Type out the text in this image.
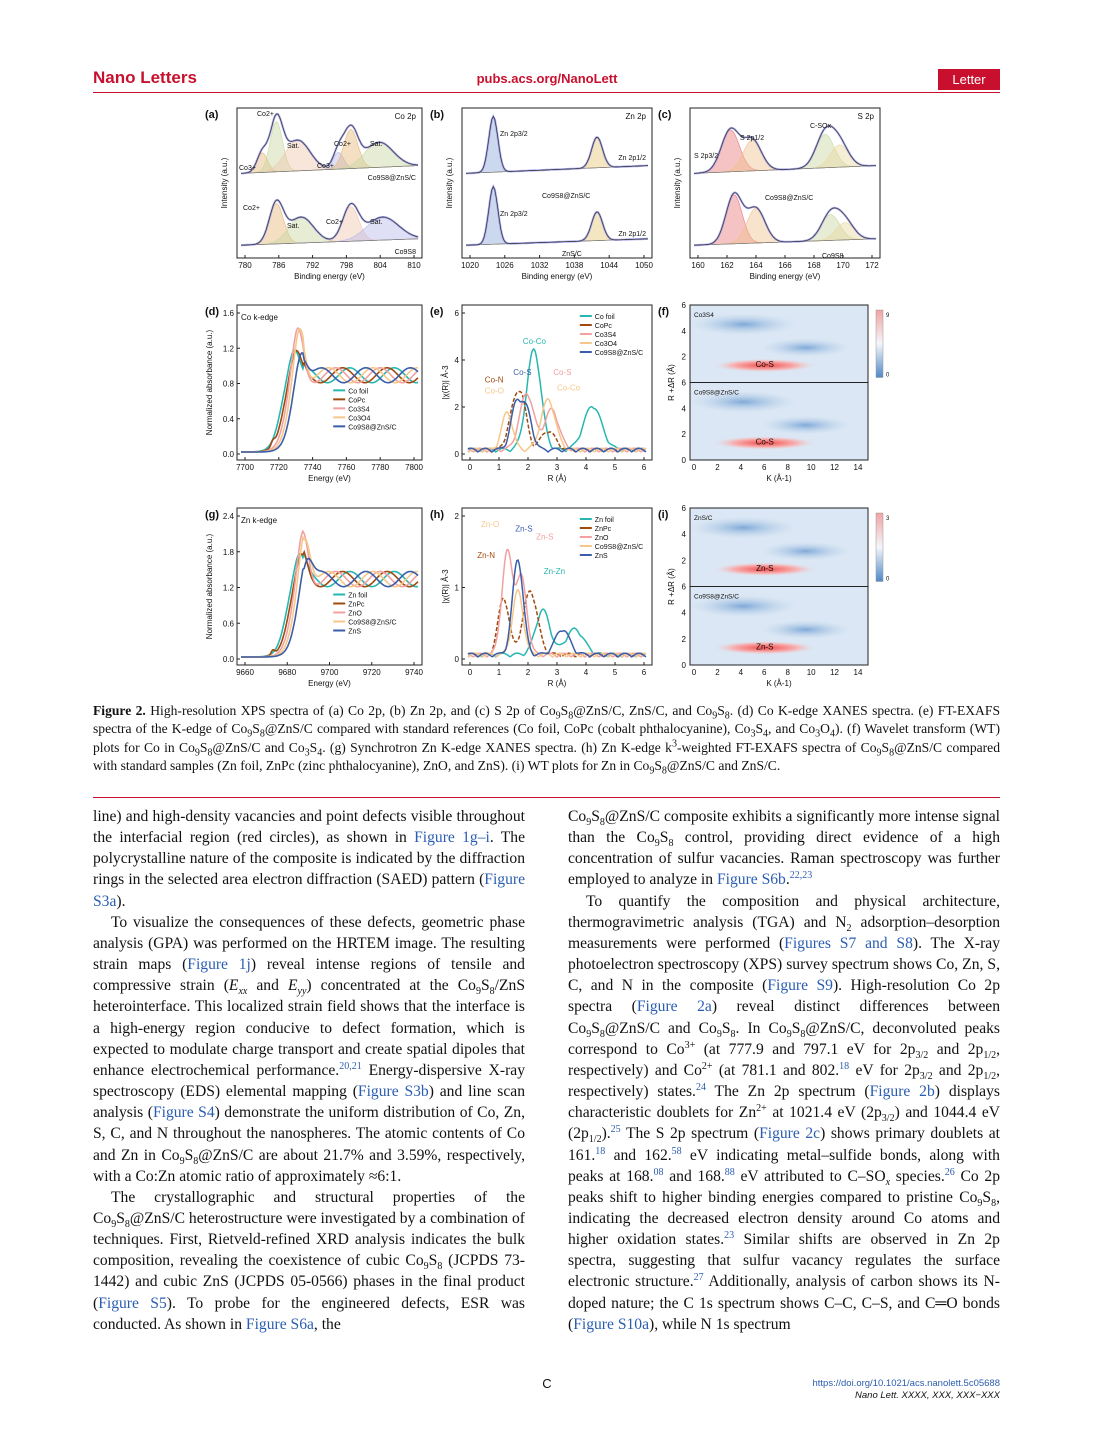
Nano Letters	pubs.acs.org/NanoLett	Letter
(a)	Co 2p
780	786	792	798	804	810
Binding energy (eV)
Intensity (a.u.)
(b)	Zn 2p
1020 1026 1032 1038 1044 1050
Binding energy (eV)
Intensity (a.u.)
(c)	S 2p
160 162 164 166 168 170 172
Binding energy (eV)
Intensity (a.u.)
Co2+
Co3+
Sat.
Co3+
Co2+	Sat.
Co9S8@ZnS/C
Co2+
Sat.
Co2+	Sat.
Co9S8
Zn 2p3/2
Zn 2p1/2
Co9S8@ZnS/C
Zn 2p3/2
Zn 2p1/2
ZnS/C
S 2p3/2
S 2p1/2
C-SOx
Co9S8@ZnS/C
Co9S8
(d)	Co k-edge
7700 7720 7740 7760 7780 7800
0.0
0.4
0.8
1.2
1.6
Energy (eV)
Normalized absorbance (a.u.)	Co foil
CoPc
Co3S4
Co3O4
Co9S8@ZnS/C
(g)	Zn k-edge
9660	9680	9700	9720	9740
0.0
0.6
1.2
1.8
2.4
Energy (eV)
Normalized absorbance (a.u.)	Zn foil
ZnPc
ZnO
Co9S8@ZnS/C
ZnS
(e)
0	1	2	3	4	5	6
0
2
4
6
R (Å)
|χ(R)| Å-3
Co foil
CoPc
Co3S4
Co3O4
Co9S8@ZnS/C
Co-Co
Co-N
Co-O
Co-S	Co-S
Co-Co
(h)
0	1	2	3	4	5	6
0
1
2
R (Å)
|χ(R)| Å-3
Zn foil
ZnPc
ZnO
Co9S8@ZnS/C
ZnS
Zn-O
Zn-S
Zn-S
Zn-N
Zn-Zn
(f)
Co-S
Co3S4
Co-S
Co9S8@ZnS/C
9
0
0 2 4 6 8 10 12 14
0
2
4
6
2
4
6
K (Å-1)
R +ΔR (Å)
(i)
Zn-S
ZnS/C
Zn-S
Co9S8@ZnS/C
3
0
0 2 4 6 8 10 12 14
0
2
4
6
2
4
6
K (Å-1)
R +ΔR (Å)
Figure 2. High-resolution XPS spectra of (a) Co 2p, (b) Zn 2p, and (c) S 2p of $Co_9S_8@ZnS/C$, ZnS/C, and $Co_9S_8$. (d) Co K-edge XANES spectra. (e) FT-EXAFS spectra of the K-edge of $Co_9S_8@ZnS/C$ compared with standard references (Co foil, CoPc (cobalt phthalocyanine), $Co_3S_4$, and $Co_3O_4$). (f) Wavelet transform (WT) plots for Co in $Co_9S_8@ZnS/C$ and $Co_3S_4$. (g) Synchrotron Zn K-edge XANES spectra. (h) Zn K-edge $k^3$-weighted FT-EXAFS spectra of $Co_9S_8@ZnS/C$ compared with standard samples (Zn foil, ZnPc (zinc phthalocyanine), ZnO, and ZnS). (i) WT plots for Zn in $Co_9S_8@ZnS/C$ and ZnS/C.

line) and high-density vacancies and point defects visible throughout the interfacial region (red circles), as shown in Figure 1g–i. The polycrystalline nature of the composite is indicated by the diffraction rings in the selected area electron diffraction (SAED) pattern (Figure S3a).

To visualize the consequences of these defects, geometric phase analysis (GPA) was performed on the HRTEM image. The resulting strain maps (Figure 1j) reveal intense regions of tensile and compressive strain ($E_{xx}$ and $E_{yy}$) concentrated at the $Co_9S_8$/ZnS heterointerface. This localized strain field shows that the interface is a high-energy region conducive to defect formation, which is expected to modulate charge transport and create spatial dipoles that enhance electrochemical performance.$^{20,21}$ Energy-dispersive X-ray spectroscopy (EDS) elemental mapping (Figure S3b) and line scan analysis (Figure S4) demonstrate the uniform distribution of Co, Zn, S, C, and N throughout the nanospheres. The atomic contents of Co and Zn in $Co_9S_8@ZnS/C$ are about 21.7% and 3.59%, respectively, with a Co:Zn atomic ratio of approximately ≈6:1.

The crystallographic and structural properties of the $Co_9S_8@ZnS/C$ heterostructure were investigated by a combination of techniques. First, Rietveld-refined XRD analysis indicates the bulk composition, revealing the coexistence of cubic $Co_9S_8$ (JCPDS 73-1442) and cubic ZnS (JCPDS 05-0566) phases in the final product (Figure S5). To probe for the engineered defects, ESR was conducted. As shown in Figure S6a, the

$Co_9S_8@ZnS/C$ composite exhibits a significantly more intense signal than the $Co_9S_8$ control, providing direct evidence of a high concentration of sulfur vacancies. Raman spectroscopy was further employed to analyze in Figure S6b.$^{22,23}$

To quantify the composition and physical architecture, thermogravimetric analysis (TGA) and $N_2$ adsorption–desorption measurements were performed (Figures S7 and S8). The X-ray photoelectron spectroscopy (XPS) survey spectrum shows Co, Zn, S, C, and N in the composite (Figure S9). High-resolution Co 2p spectra (Figure 2a) reveal distinct differences between $Co_9S_8@ZnS/C$ and $Co_9S_8$. In $Co_9S_8@ZnS/C$, deconvoluted peaks correspond to $Co^{3+}$ (at 777.9 and 797.1 eV for $2p_{3/2}$ and $2p_{1/2}$, respectively) and $Co^{2+}$ (at 781.1 and 802.18 eV for $2p_{3/2}$ and $2p_{1/2}$, respectively) states.$^{24}$ The Zn 2p spectrum (Figure 2b) displays characteristic doublets for $Zn^{2+}$ at 1021.4 eV $(2p_{3/2})$ and 1044.4 eV $(2p_{1/2}).^{25}$ The S 2p spectrum (Figure 2c) shows primary doublets at 161.18 and 162.58 eV indicating metal–sulfide bonds, along with peaks at 168.08 and 168.88 eV attributed to $C-SO_x$ species.$^{26}$ Co 2p peaks shift to higher binding energies compared to pristine $Co_9S_8$, indicating the decreased electron density around Co atoms and higher oxidation states.$^{23}$ Similar shifts are observed in Zn 2p spectra, suggesting that sulfur vacancy regulates the surface electronic structure.$^{27}$ Additionally, analysis of carbon shows its N-doped nature; the C 1s spectrum shows C–C, C–S, and C═O bonds (Figure S10a), while N 1s spectrum

C	https://doi.org/10.1021/acs.nanolett.5c05688
Nano Lett. XXXX, XXX, XXX−XXX
